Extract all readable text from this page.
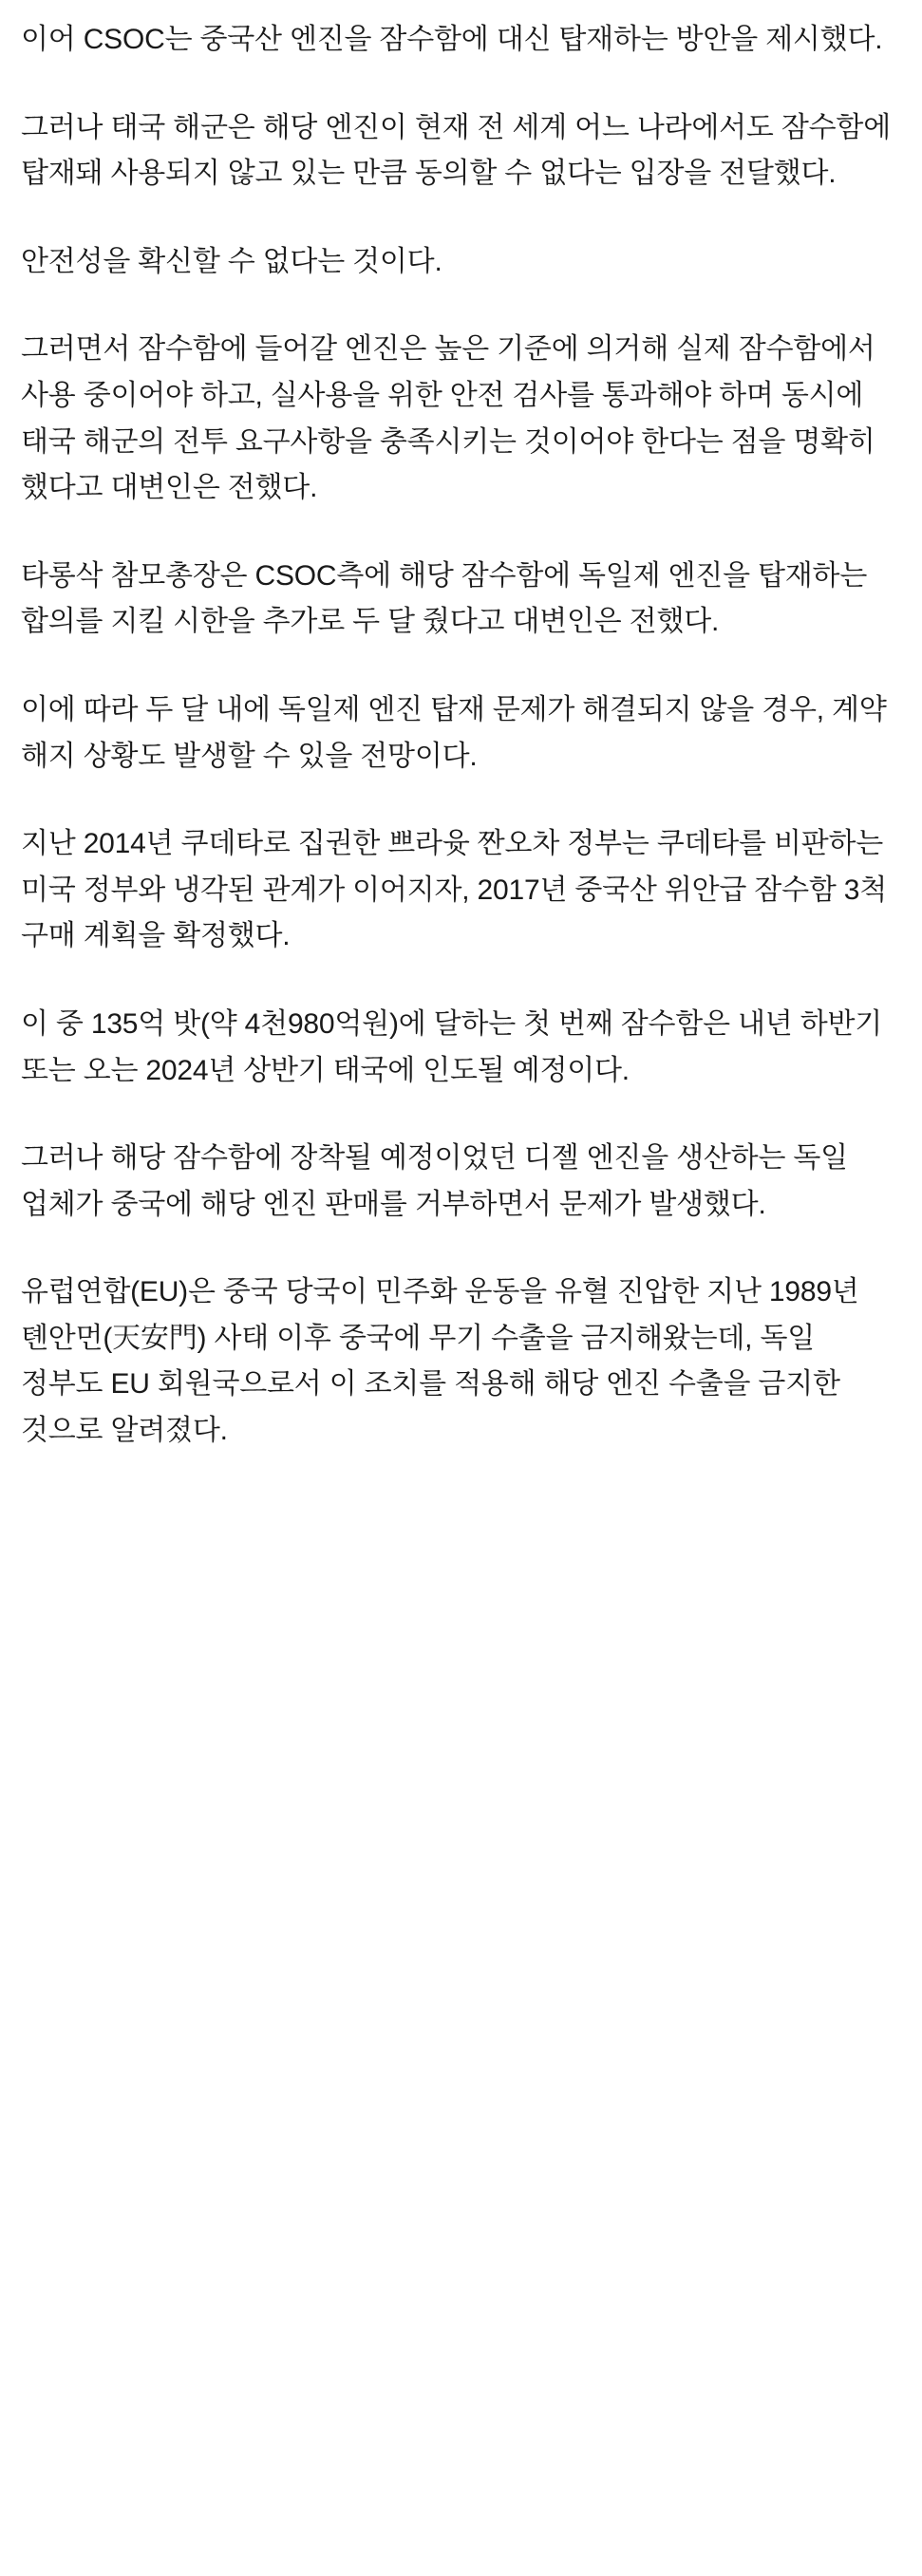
이어 CSOC는 중국산 엔진을 잠수함에 대신 탑재하는 방안을 제시했다.

그러나 태국 해군은 해당 엔진이 현재 전 세계 어느 나라에서도 잠수함에 탑재돼 사용되지 않고 있는 만큼 동의할 수 없다는 입장을 전달했다.

안전성을 확신할 수 없다는 것이다.

그러면서 잠수함에 들어갈 엔진은 높은 기준에 의거해 실제 잠수함에서 사용 중이어야 하고, 실사용을 위한 안전 검사를 통과해야 하며 동시에 태국 해군의 전투 요구사항을 충족시키는 것이어야 한다는 점을 명확히 했다고 대변인은 전했다.

타롱삭 참모총장은 CSOC측에 해당 잠수함에 독일제 엔진을 탑재하는 합의를 지킬 시한을 추가로 두 달 줬다고 대변인은 전했다.

이에 따라 두 달 내에 독일제 엔진 탑재 문제가 해결되지 않을 경우, 계약 해지 상황도 발생할 수 있을 전망이다.

지난 2014년 쿠데타로 집권한 쁘라윳 짠오차 정부는 쿠데타를 비판하는 미국 정부와 냉각된 관계가 이어지자, 2017년 중국산 위안급 잠수함 3척 구매 계획을 확정했다.

이 중 135억 밧(약 4천980억원)에 달하는 첫 번째 잠수함은 내년 하반기 또는 오는 2024년 상반기 태국에 인도될 예정이다.

그러나 해당 잠수함에 장착될 예정이었던 디젤 엔진을 생산하는 독일 업체가 중국에 해당 엔진 판매를 거부하면서 문제가 발생했다.

유럽연합(EU)은 중국 당국이 민주화 운동을 유혈 진압한 지난 1989년 톈안먼(天安門) 사태 이후 중국에 무기 수출을 금지해왔는데, 독일 정부도 EU 회원국으로서 이 조치를 적용해 해당 엔진 수출을 금지한 것으로 알려졌다.
